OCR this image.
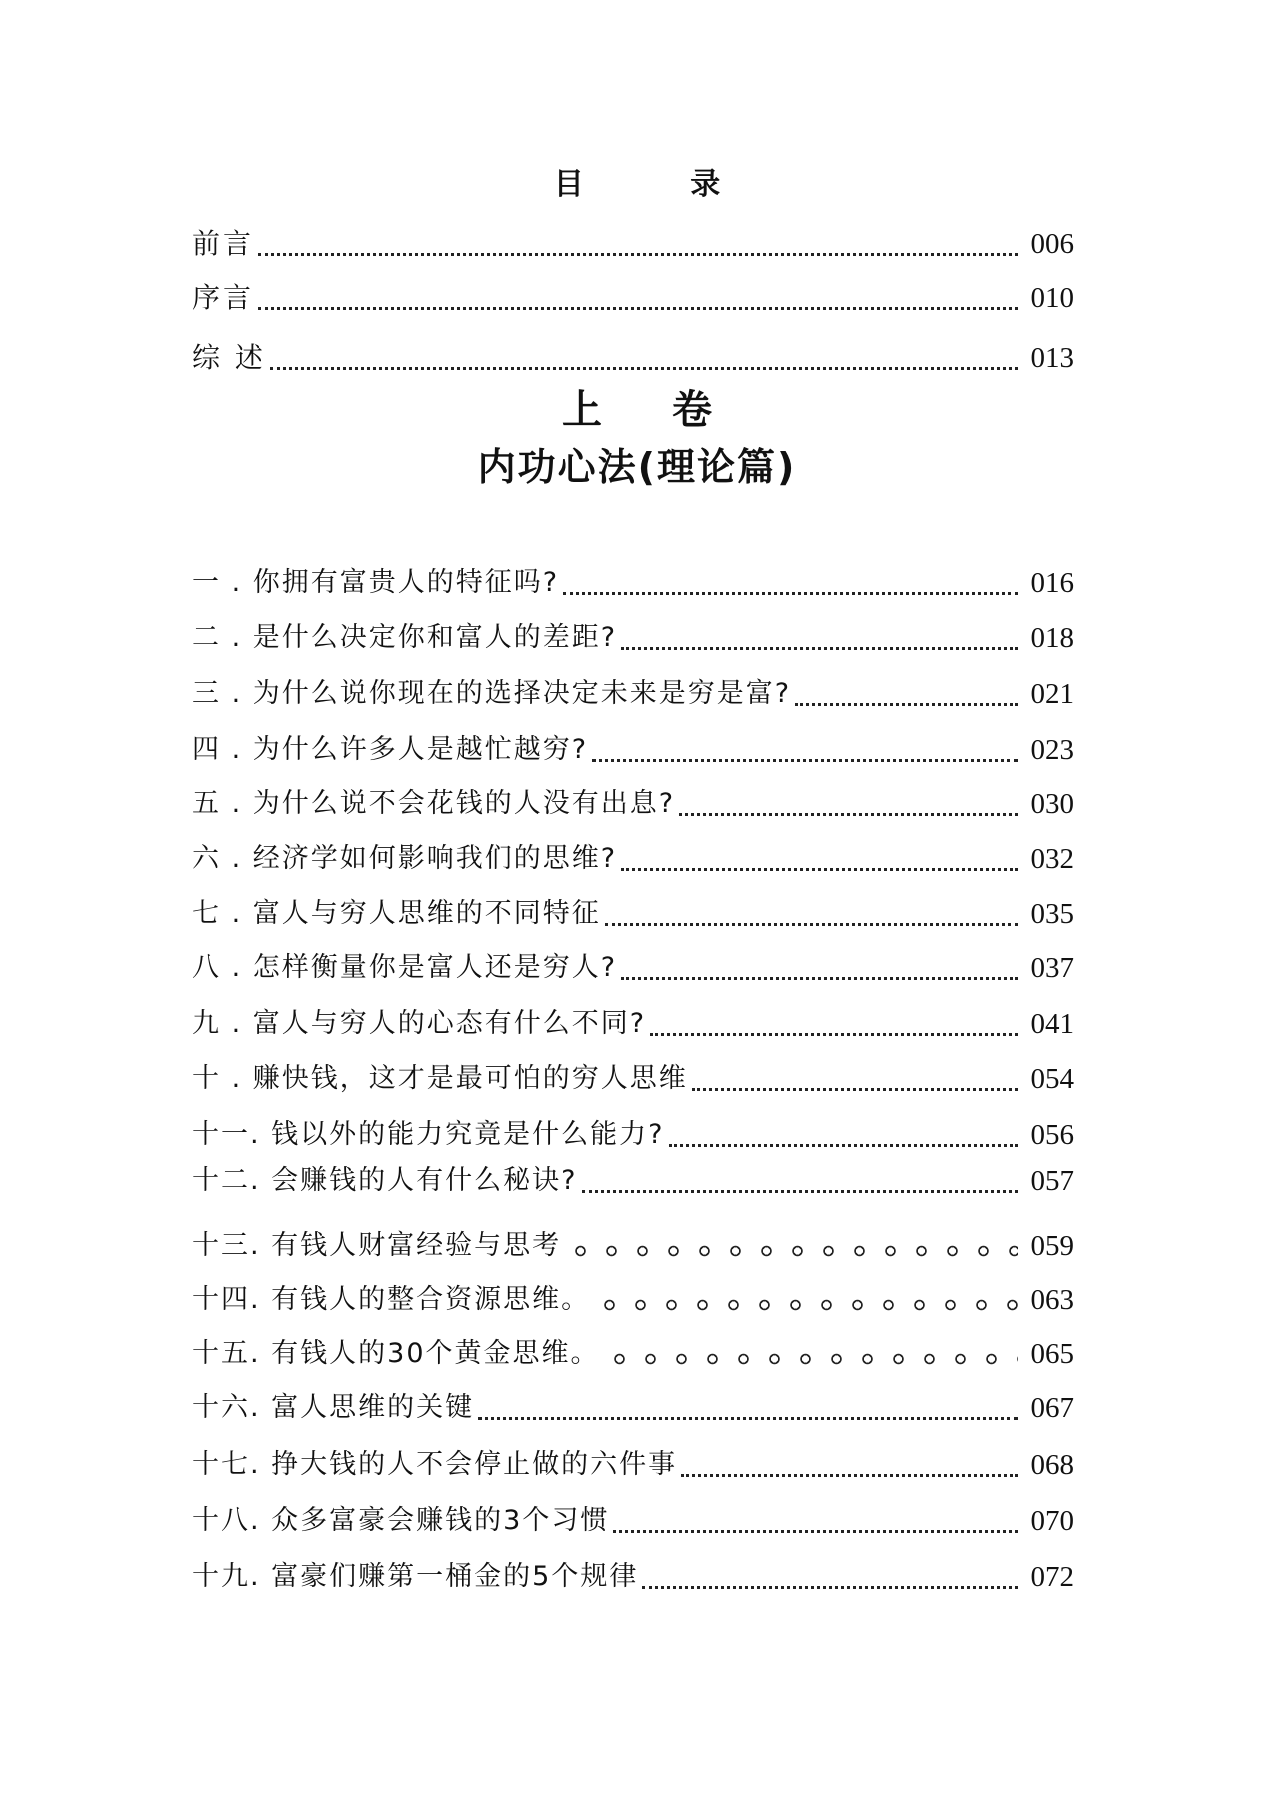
目 录
前言	006
序言	010
综 述	013
上 卷
内功心法(理论篇)
一 . 你拥有富贵人的特征吗?	016
二 . 是什么决定你和富人的差距?	018
三 . 为什么说你现在的选择决定未来是穷是富?	021
四 . 为什么许多人是越忙越穷?	023
五 . 为什么说不会花钱的人没有出息?	030
六 . 经济学如何影响我们的思维?	032
七 . 富人与穷人思维的不同特征	035
八 . 怎样衡量你是富人还是穷人?	037
九 . 富人与穷人的心态有什么不同?	041
十 . 赚快钱，这才是最可怕的穷人思维	054
十一. 钱以外的能力究竟是什么能力?	056
十二. 会赚钱的人有什么秘诀?	057
十三. 有钱人财富经验与思考	059
十四. 有钱人的整合资源思维。	063
十五. 有钱人的30个黄金思维。	065
十六. 富人思维的关键	067
十七. 挣大钱的人不会停止做的六件事	068
十八. 众多富豪会赚钱的3个习惯	070
十九. 富豪们赚第一桶金的5个规律	072
